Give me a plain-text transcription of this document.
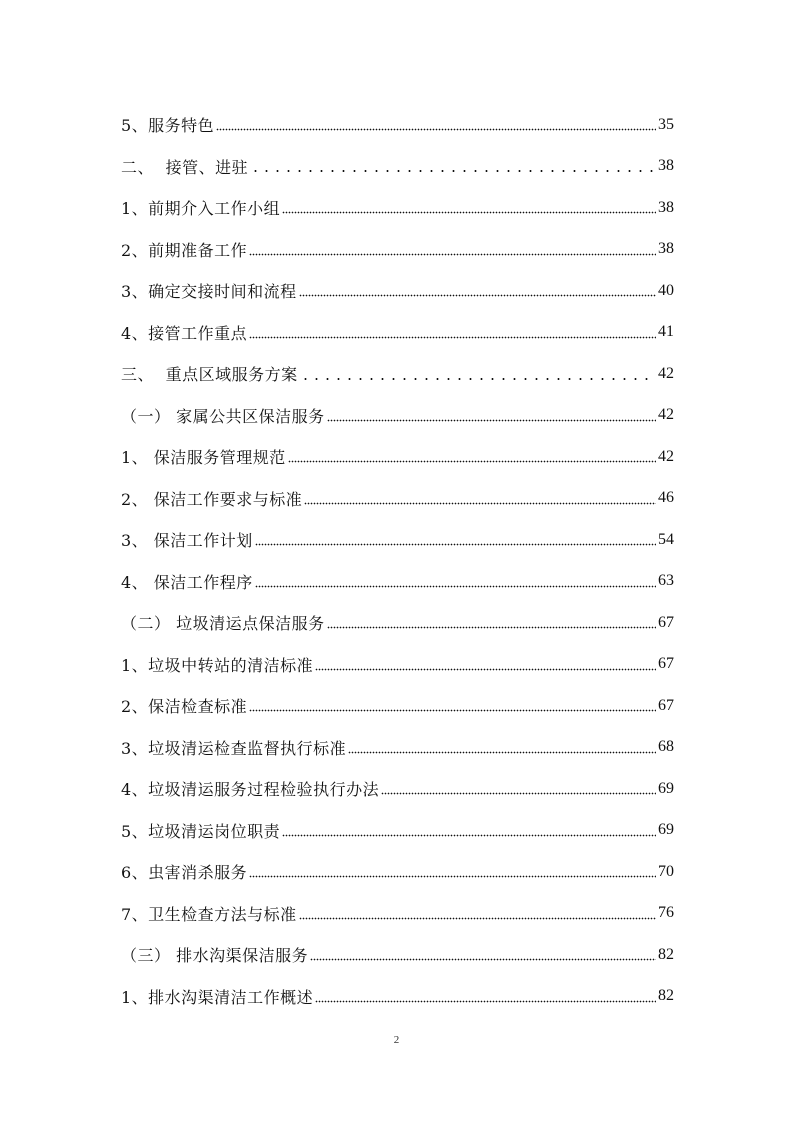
5、服务特色	35
二、 接管、进驻	38
1、前期介入工作小组	38
2、前期准备工作	38
3、确定交接时间和流程	40
4、接管工作重点	41
三、 重点区域服务方案	42
（一） 家属公共区保洁服务	42
1、 保洁服务管理规范	42
2、 保洁工作要求与标准	46
3、 保洁工作计划	54
4、 保洁工作程序	63
（二） 垃圾清运点保洁服务	67
1、垃圾中转站的清洁标准	67
2、保洁检查标准	67
3、垃圾清运检查监督执行标准	68
4、垃圾清运服务过程检验执行办法	69
5、垃圾清运岗位职责	69
6、虫害消杀服务	70
7、卫生检查方法与标准	76
（三） 排水沟渠保洁服务	82
1、排水沟渠清洁工作概述	82
2
